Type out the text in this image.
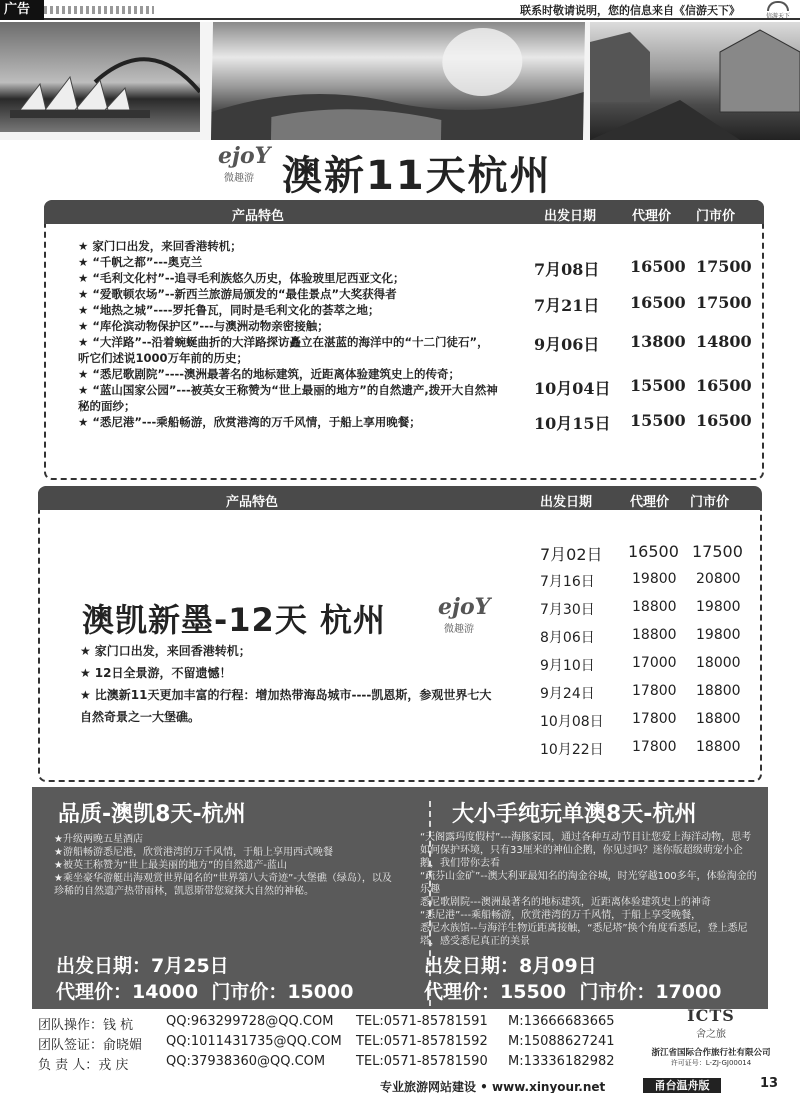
广告	联系时敬请说明，您的信息来自《信游天下》	信游天下
ejoY
微趣游 澳新11天杭州
产品特色	出发日期	代理价 门市价
★ 家门口出发，来回香港转机；
★ “千帆之都”---奥克兰
★ “毛利文化村”--追寻毛利族悠久历史，体验玻里尼西亚文化；
★ “爱歌顿农场”--新西兰旅游局颁发的“最佳景点”大奖获得者
★ “地热之城”----罗托鲁瓦，同时是毛利文化的荟萃之地；
★ “库伦滨动物保护区”---与澳洲动物亲密接触；
★ “大洋路”--沿着蜿蜒曲折的大洋路探访矗立在湛蓝的海洋中的“十二门徒石”，听它们述说1000万年前的历史；
★ “悉尼歌剧院”----澳洲最著名的地标建筑，近距离体验建筑史上的传奇；
★ “蓝山国家公园”---被英女王称赞为“世上最丽的地方”的自然遗产,拨开大自然神秘的面纱；
★ “悉尼港”---乘船畅游，欣赏港湾的万千风情，于船上享用晚餐；
7月08日 16500 17500
7月21日 16500 17500
9月06日 13800 14800
10月04日 15500 16500
10月15日 15500 16500
产品特色	出发日期	代理价 门市价
澳凯新墨-12天 杭州 ejoY
微趣游
★ 家门口出发，来回香港转机；
★ 12日全景游，不留遗憾！
★ 比澳新11天更加丰富的行程：增加热带海岛城市----凯恩斯，参观世界七大自然奇景之一大堡礁。
7月02日 16500 17500
7月16日	19800 20800
7月30日	18800 19800
8月06日	18800 19800
9月10日	17000 18000
9月24日	17800 18800
10月08日 17800 18800
10月22日 17800 18800
品质-澳凯8天-杭州
★升级两晚五星酒店
★游船畅游悉尼港，欣赏港湾的万千风情，于船上享用西式晚餐
★被英王称赞为“世上最美丽的地方”的自然遗产-蓝山
★乘坐豪华游艇出海观赏世界闻名的“世界第八大奇迹”-大堡礁（绿岛），以及珍稀的自然遗产热带雨林，凯恩斯带您窥探大自然的神秘。
出发日期：7月25日
代理价：14000  门市价：15000
大小手纯玩单澳8天-杭州
“天阁露玛度假村”---海豚家园，通过各种互动节目让您爱上海洋动物，思考如何保护环境，只有33厘米的神仙企鹅，你见过吗？迷你版超级萌宠小企鹅，我们带你去看
“疏芬山金矿”--澳大利亚最知名的淘金谷城，时光穿越100多年，体验淘金的乐趣
悉尼歌剧院---澳洲最著名的地标建筑，近距离体验建筑史上的神奇
“悉尼港”---乘船畅游，欣赏港湾的万千风情，于船上享受晚餐，
悉尼水族馆--与海洋生物近距离接触，“悉尼塔”换个角度看悉尼，登上悉尼塔，感受悉尼真正的美景
出发日期：8月09日
代理价：15500  门市价：17000
团队操作：钱 杭	QQ:963299728@QQ.COM TEL:0571-85781591 M:13666683665
团队签证：俞晓媚 QQ:1011431735@QQ.COM TEL:0571-85781592 M:15088627241
负 责 人：戎 庆	QQ:37938360@QQ.COM TEL:0571-85781590 M:13336182982
ICTS
舍之旅
浙江省国际合作旅行社有限公司
许可证号：L-ZJ-GJ00014
专业旅游网站建设 • www.xinyour.net	甬台温舟版	13
